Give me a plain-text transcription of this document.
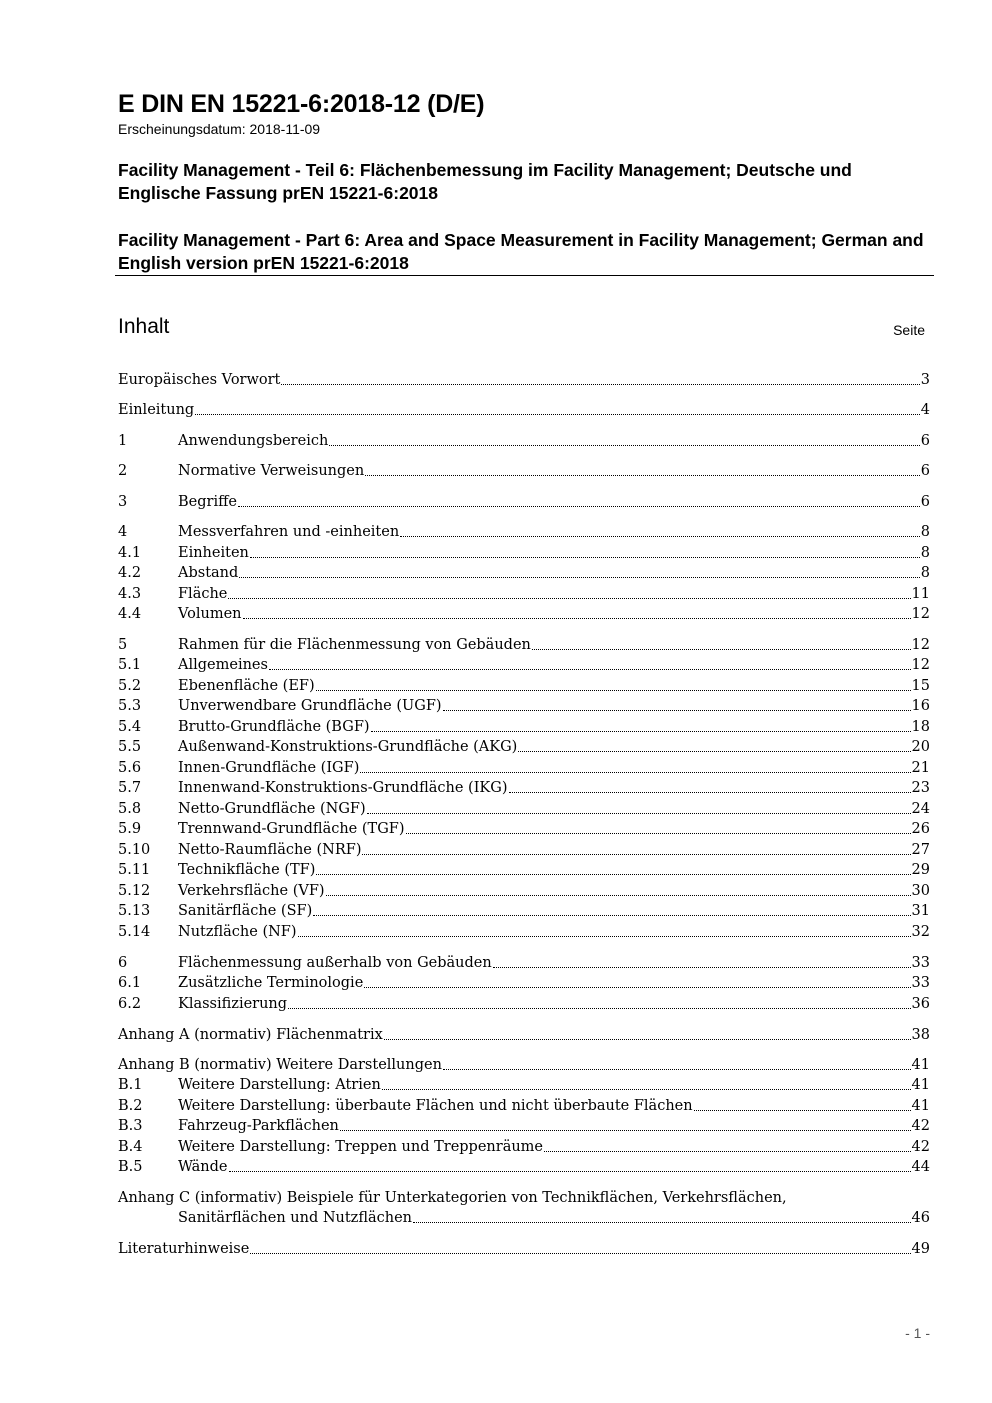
E DIN EN 15221-6:2018-12 (D/E)
Erscheinungsdatum: 2018-11-09
Facility Management - Teil 6: Flächenbemessung im Facility Management; Deutsche und Englische Fassung prEN 15221-6:2018
Facility Management - Part 6: Area and Space Measurement in Facility Management; German and English version prEN 15221-6:2018
Inhalt	Seite
Europäisches Vorwort	3
Einleitung	4
1	Anwendungsbereich	6
2	Normative Verweisungen	6
3	Begriffe	6
4	Messverfahren und -einheiten	8
4.1	Einheiten	8
4.2	Abstand	8
4.3	Fläche	11
4.4	Volumen	12
5	Rahmen für die Flächenmessung von Gebäuden	12
5.1	Allgemeines	12
5.2	Ebenenfläche (EF)	15
5.3	Unverwendbare Grundfläche (UGF)	16
5.4	Brutto-Grundfläche (BGF)	18
5.5	Außenwand-Konstruktions-Grundfläche (AKG)	20
5.6	Innen-Grundfläche (IGF)	21
5.7	Innenwand-Konstruktions-Grundfläche (IKG)	23
5.8	Netto-Grundfläche (NGF)	24
5.9	Trennwand-Grundfläche (TGF)	26
5.10 Netto-Raumfläche (NRF)	27
5.11 Technikfläche (TF)	29
5.12 Verkehrsfläche (VF)	30
5.13 Sanitärfläche (SF)	31
5.14 Nutzfläche (NF)	32
6	Flächenmessung außerhalb von Gebäuden	33
6.1	Zusätzliche Terminologie	33
6.2	Klassifizierung	36
Anhang A (normativ) Flächenmatrix	38
Anhang B (normativ) Weitere Darstellungen	41
B.1 Weitere Darstellung: Atrien	41
B.2 Weitere Darstellung: überbaute Flächen und nicht überbaute Flächen	41
B.3 Fahrzeug-Parkflächen	42
B.4 Weitere Darstellung: Treppen und Treppenräume	42
B.5 Wände	44
Anhang C (informativ) Beispiele für Unterkategorien von Technikflächen, Verkehrsflächen,
Sanitärflächen und Nutzflächen	46
Literaturhinweise	49
- 1 -
